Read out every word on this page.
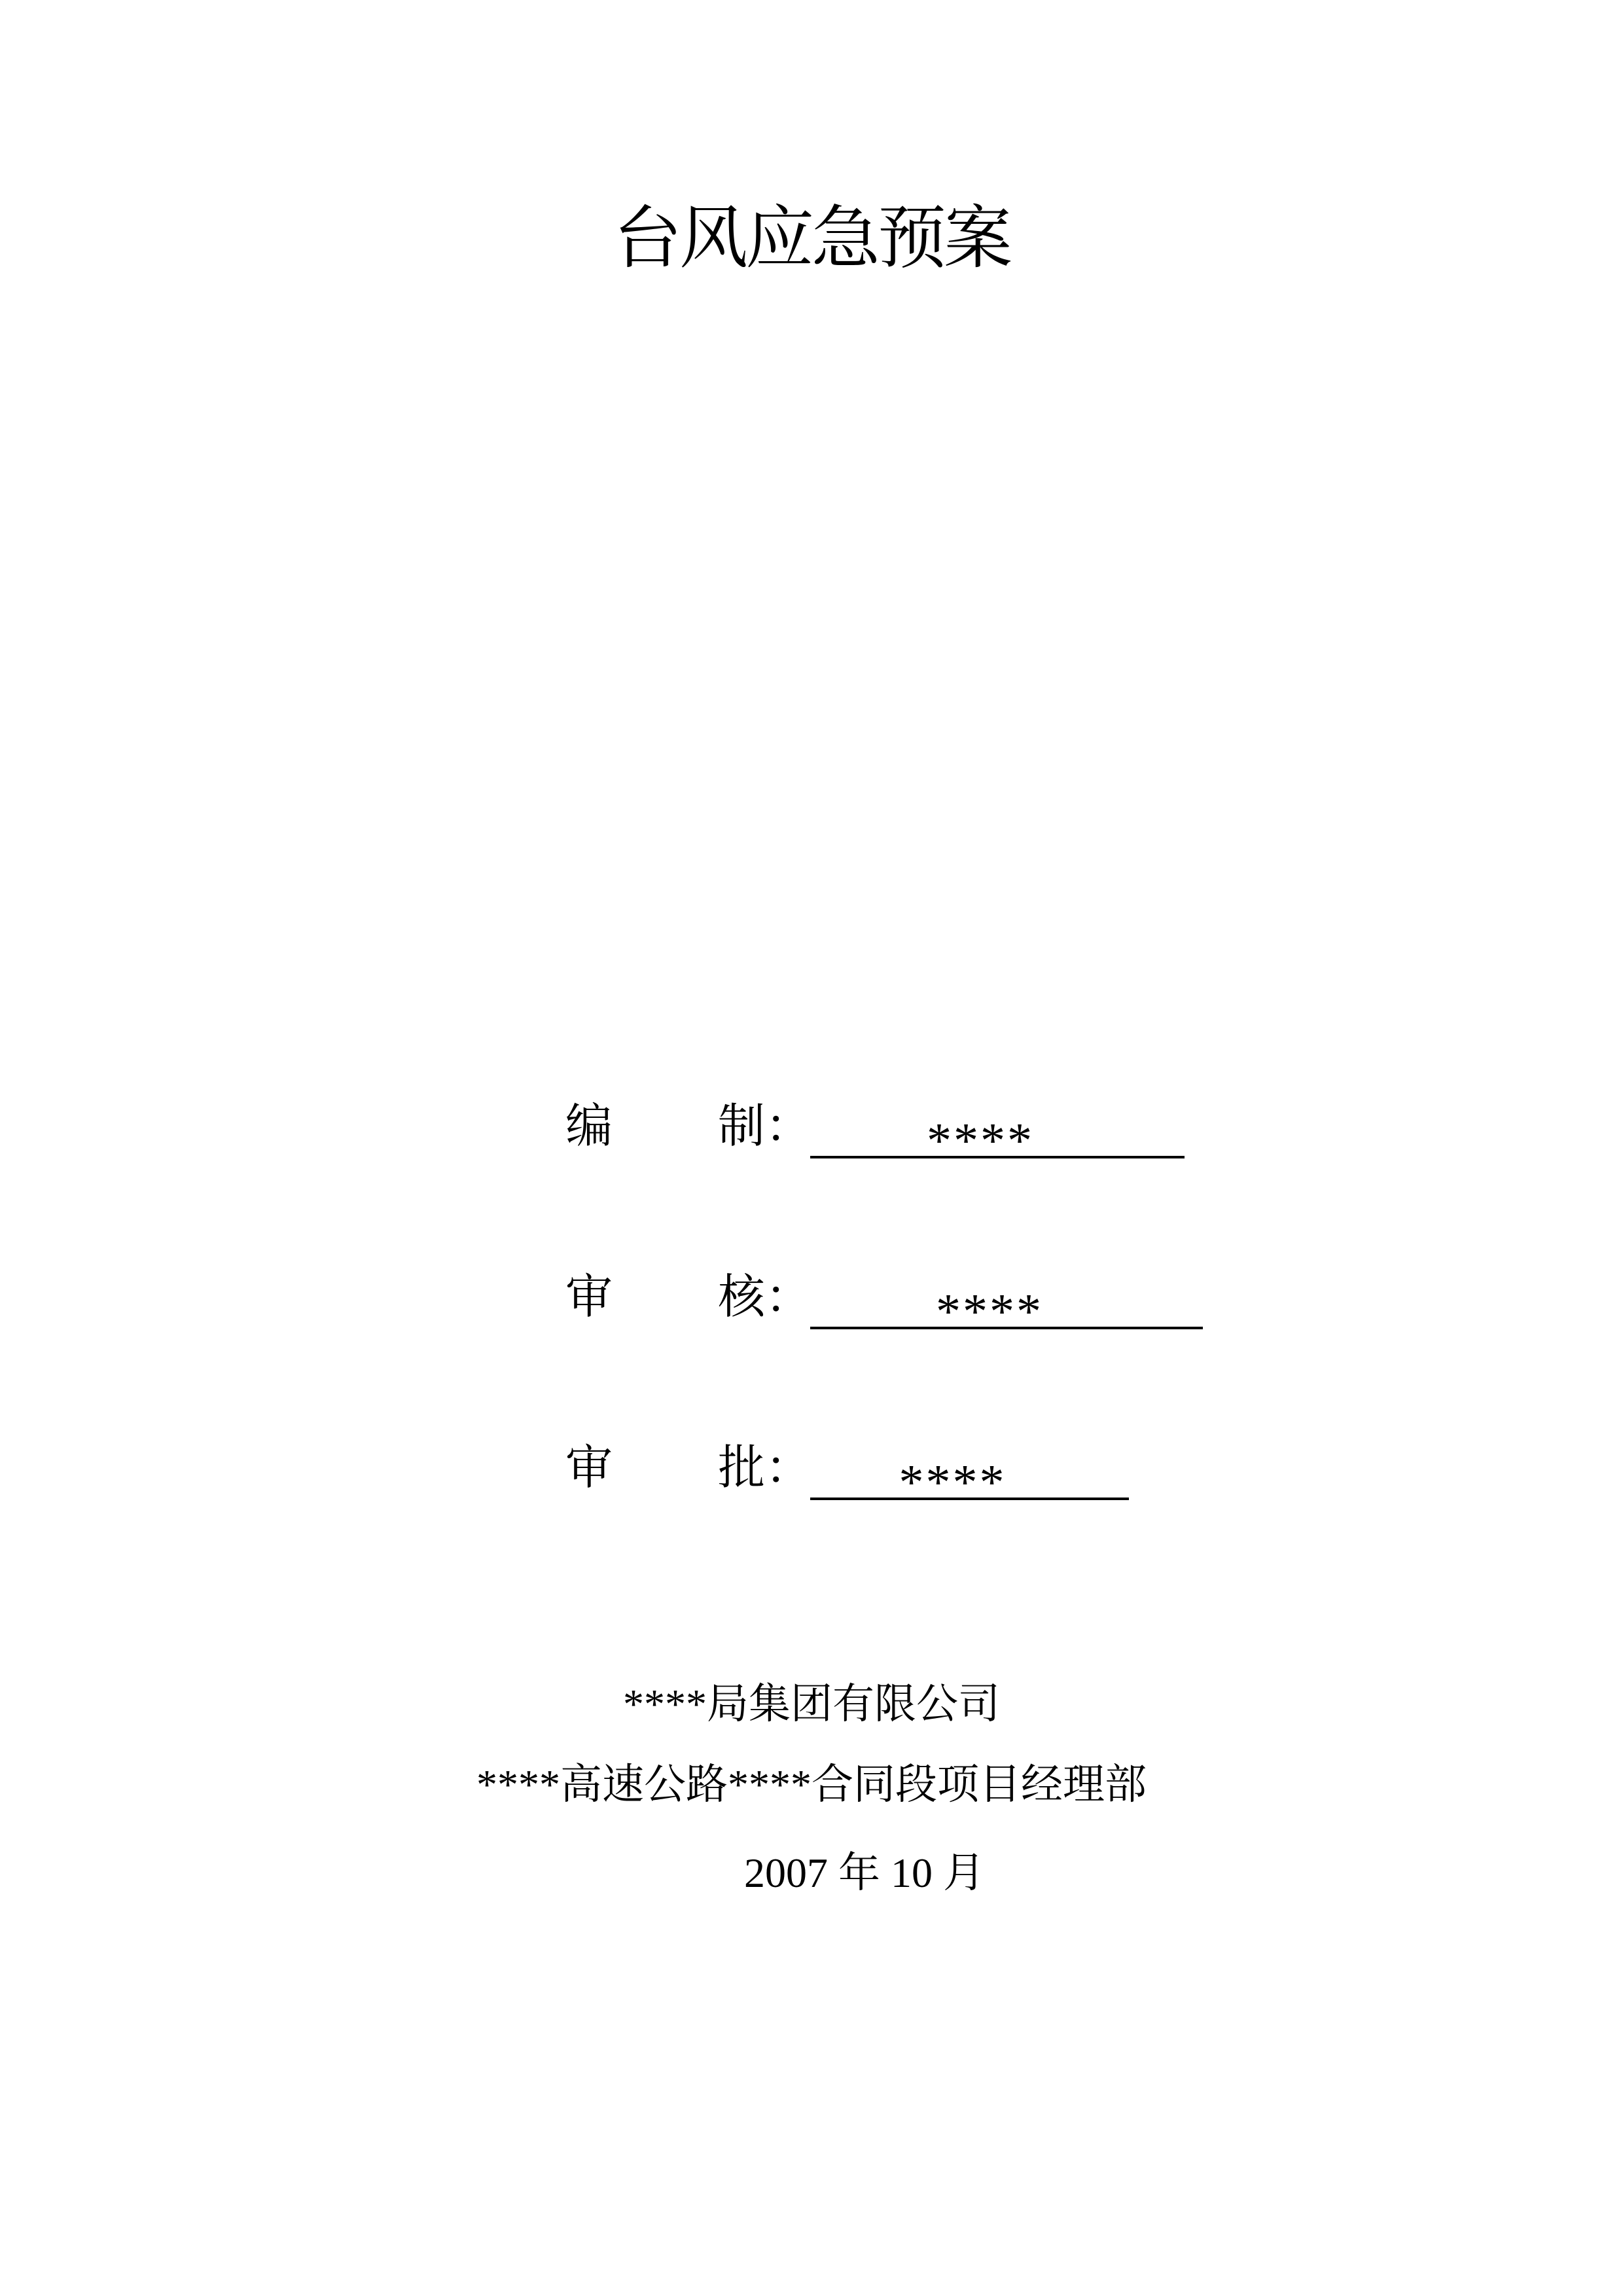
台风应急预案
编 制： ****
审 核： ****
审 批： ****
****局集团有限公司
****高速公路****合同段项目经理部
2007 年 10 月
